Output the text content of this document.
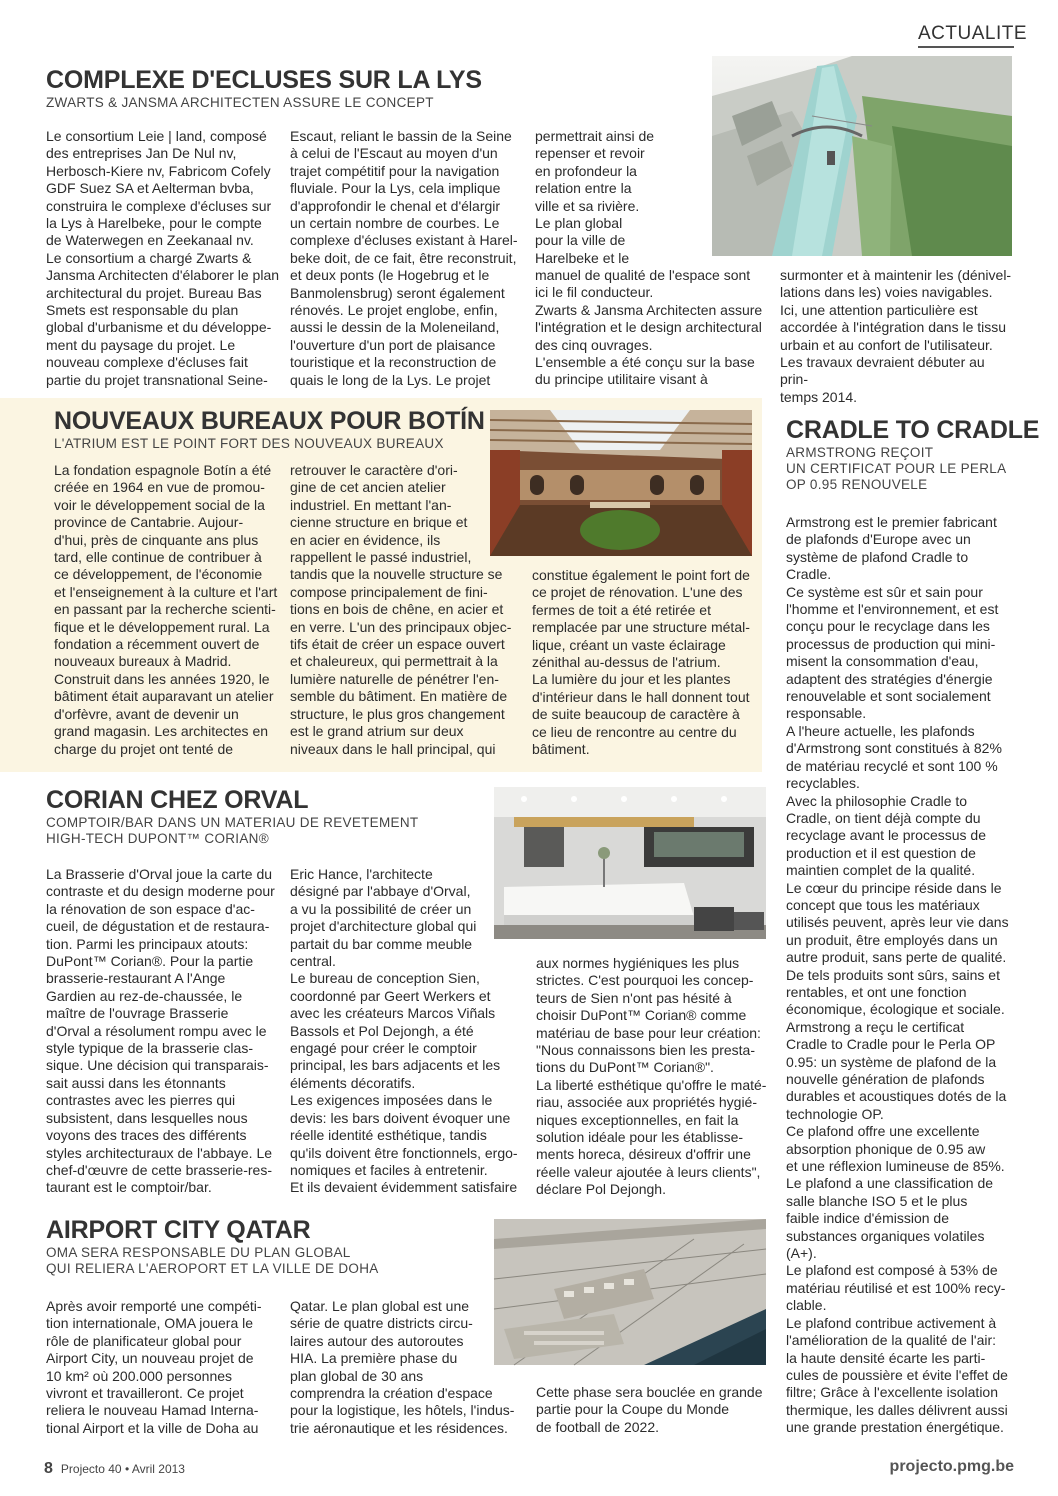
ACTUALITE
COMPLEXE D'ECLUSES SUR LA LYS
ZWARTS & JANSMA ARCHITECTEN ASSURE LE CONCEPT
Le consortium Leie | land, composé
des entreprises Jan De Nul nv,
Herbosch-Kiere nv, Fabricom Cofely
GDF Suez SA et Aelterman bvba,
construira le complexe d'écluses sur
la Lys à Harelbeke, pour le compte
de Waterwegen en Zeekanaal nv.
Le consortium a chargé Zwarts &
Jansma Architecten d'élaborer le plan
architectural du projet. Bureau Bas
Smets est responsable du plan
global d'urbanisme et du développe-
ment du paysage du projet. Le
nouveau complexe d'écluses fait
partie du projet transnational Seine-
Escaut, reliant le bassin de la Seine
à celui de l'Escaut au moyen d'un
trajet compétitif pour la navigation
fluviale. Pour la Lys, cela implique
d'approfondir le chenal et d'élargir
un certain nombre de courbes. Le
complexe d'écluses existant à Harel-
beke doit, de ce fait, être reconstruit,
et deux ponts (le Hogebrug et le
Banmolensbrug) seront également
rénovés. Le projet englobe, enfin,
aussi le dessin de la Moleneiland,
l'ouverture d'un port de plaisance
touristique et la reconstruction de
quais le long de la Lys. Le projet
permettrait ainsi de
repenser et revoir
en profondeur la
relation entre la
ville et sa rivière.
Le plan global
pour la ville de
Harelbeke et le
manuel de qualité de l'espace sont
ici le fil conducteur.
Zwarts & Jansma Architecten assure
l'intégration et le design architectural
des cinq ouvrages.
L'ensemble a été conçu sur la base
du principe utilitaire visant à
surmonter et à maintenir les (dénivel-
lations dans les) voies navigables.
Ici, une attention particulière est
accordée à l'intégration dans le tissu
urbain et au confort de l'utilisateur.
Les travaux devraient débuter au prin-
temps 2014.
NOUVEAUX BUREAUX POUR BOTÍN
L'ATRIUM EST LE POINT FORT DES NOUVEAUX BUREAUX
La fondation espagnole Botín a été
créée en 1964 en vue de promou-
voir le développement social de la
province de Cantabrie. Aujour-
d'hui, près de cinquante ans plus
tard, elle continue de contribuer à
ce développement, de l'économie
et l'enseignement à la culture et l'art
en passant par la recherche scienti-
fique et le développement rural. La
fondation a récemment ouvert de
nouveaux bureaux à Madrid.
Construit dans les années 1920, le
bâtiment était auparavant un atelier
d'orfèvre, avant de devenir un
grand magasin. Les architectes en
charge du projet ont tenté de
retrouver le caractère d'ori-
gine de cet ancien atelier
industriel. En mettant l'an-
cienne structure en brique et
en acier en évidence, ils
rappellent le passé industriel,
tandis que la nouvelle structure se
compose principalement de fini-
tions en bois de chêne, en acier et
en verre. L'un des principaux objec-
tifs était de créer un espace ouvert
et chaleureux, qui permettrait à la
lumière naturelle de pénétrer l'en-
semble du bâtiment. En matière de
structure, le plus gros changement
est le grand atrium sur deux
niveaux dans le hall principal, qui
constitue également le point fort de
ce projet de rénovation. L'une des
fermes de toit a été retirée et
remplacée par une structure métal-
lique, créant un vaste éclairage
zénithal au-dessus de l'atrium.
La lumière du jour et les plantes
d'intérieur dans le hall donnent tout
de suite beaucoup de caractère à
ce lieu de rencontre au centre du
bâtiment.
CRADLE TO CRADLE
ARMSTRONG REÇOIT
UN CERTIFICAT POUR LE PERLA
OP 0.95 RENOUVELE
Armstrong est le premier fabricant
de plafonds d'Europe avec un
système de plafond Cradle to
Cradle.
Ce système est sûr et sain pour
l'homme et l'environnement, et est
conçu pour le recyclage dans les
processus de production qui mini-
misent la consommation d'eau,
adaptent des stratégies d'énergie
renouvelable et sont socialement
responsable.
A l'heure actuelle, les plafonds
d'Armstrong sont constitués à 82%
de matériau recyclé et sont 100 %
recyclables.
Avec la philosophie Cradle to
Cradle, on tient déjà compte du
recyclage avant le processus de
production et il est question de
maintien complet de la qualité.
Le cœur du principe réside dans le
concept que tous les matériaux
utilisés peuvent, après leur vie dans
un produit, être employés dans un
autre produit, sans perte de qualité.
De tels produits sont sûrs, sains et
rentables, et ont une fonction
économique, écologique et sociale.
Armstrong a reçu le certificat
Cradle to Cradle pour le Perla OP
0.95: un système de plafond de la
nouvelle génération de plafonds
durables et acoustiques dotés de la
technologie OP.
Ce plafond offre une excellente
absorption phonique de 0.95 aw
et une réflexion lumineuse de 85%.
Le plafond a une classification de
salle blanche ISO 5 et le plus
faible indice d'émission de
substances organiques volatiles
(A+).
Le plafond est composé à 53% de
matériau réutilisé et est 100% recy-
clable.
Le plafond contribue activement à
l'amélioration de la qualité de l'air:
la haute densité écarte les parti-
cules de poussière et évite l'effet de
filtre; Grâce à l'excellente isolation
thermique, les dalles délivrent aussi
une grande prestation énergétique.
CORIAN CHEZ ORVAL
COMPTOIR/BAR DANS UN MATERIAU DE REVETEMENT
HIGH-TECH DUPONT™ CORIAN®
La Brasserie d'Orval joue la carte du
contraste et du design moderne pour
la rénovation de son espace d'ac-
cueil, de dégustation et de restaura-
tion. Parmi les principaux atouts:
DuPont™ Corian®. Pour la partie
brasserie-restaurant A l'Ange
Gardien au rez-de-chaussée, le
maître de l'ouvrage Brasserie
d'Orval a résolument rompu avec le
style typique de la brasserie clas-
sique. Une décision qui transparais-
sait aussi dans les étonnants
contrastes avec les pierres qui
subsistent, dans lesquelles nous
voyons des traces des différents
styles architecturaux de l'abbaye. Le
chef-d'œuvre de cette brasserie-res-
taurant est le comptoir/bar.
Eric Hance, l'architecte
désigné par l'abbaye d'Orval,
a vu la possibilité de créer un
projet d'architecture global qui
partait du bar comme meuble
central.
Le bureau de conception Sien,
coordonné par Geert Werkers et
avec les créateurs Marcos Viñals
Bassols et Pol Dejongh, a été
engagé pour créer le comptoir
principal, les bars adjacents et les
éléments décoratifs.
Les exigences imposées dans le
devis: les bars doivent évoquer une
réelle identité esthétique, tandis
qu'ils doivent être fonctionnels, ergo-
nomiques et faciles à entretenir.
Et ils devaient évidemment satisfaire
aux normes hygiéniques les plus
strictes. C'est pourquoi les concep-
teurs de Sien n'ont pas hésité à
choisir DuPont™ Corian® comme
matériau de base pour leur création:
"Nous connaissons bien les presta-
tions du DuPont™ Corian®".
La liberté esthétique qu'offre le maté-
riau, associée aux propriétés hygié-
niques exceptionnelles, en fait la
solution idéale pour les établisse-
ments horeca, désireux d'offrir une
réelle valeur ajoutée à leurs clients",
déclare Pol Dejongh.
AIRPORT CITY QATAR
OMA SERA RESPONSABLE DU PLAN GLOBAL
QUI RELIERA L'AEROPORT ET LA VILLE DE DOHA
Après avoir remporté une compéti-
tion internationale, OMA jouera le
rôle de planificateur global pour
Airport City, un nouveau projet de
10 km² où 200.000 personnes
vivront et travailleront. Ce projet
reliera le nouveau Hamad Interna-
tional Airport et la ville de Doha au
Qatar. Le plan global est une
série de quatre districts circu-
laires autour des autoroutes
HIA. La première phase du
plan global de 30 ans
comprendra la création d'espace
pour la logistique, les hôtels, l'indus-
trie aéronautique et les résidences.
Cette phase sera bouclée en grande
partie pour la Coupe du Monde
de football de 2022.
8 Projecto 40 • Avril 2013	projecto.pmg.be
